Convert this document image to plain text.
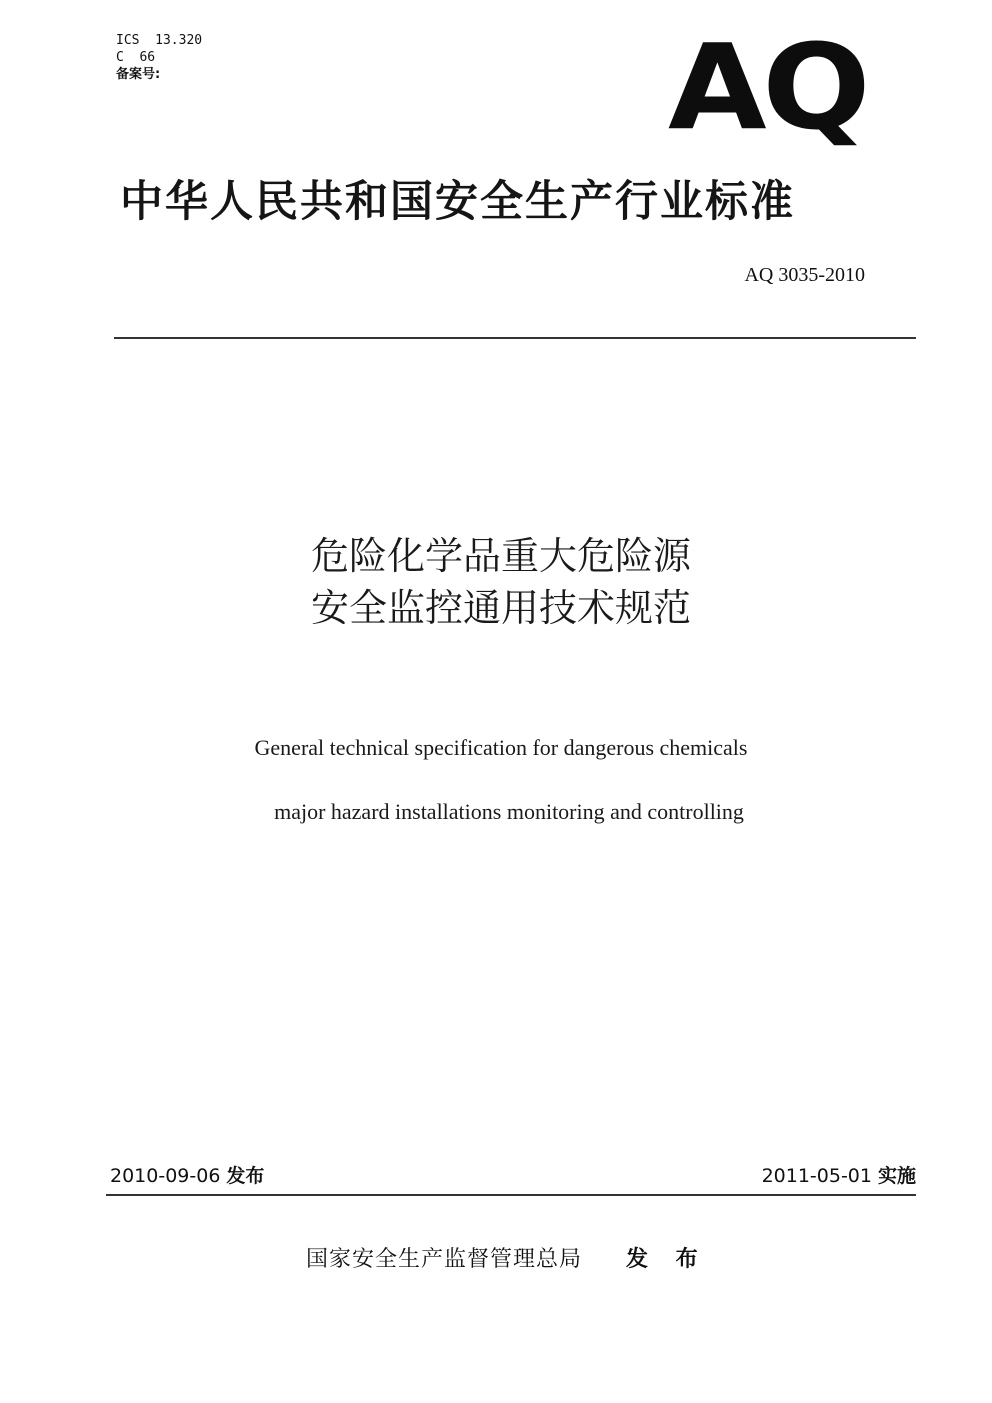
ICS  13.320
C  66
备案号:	AQ
中华人民共和国安全生产行业标准
AQ 3035-2010
危险化学品重大危险源
安全监控通用技术规范
General technical specification for dangerous chemicals
major hazard installations monitoring and controlling
2010-09-06 发布	2011-05-01 实施
国家安全生产监督管理总局 发 布
